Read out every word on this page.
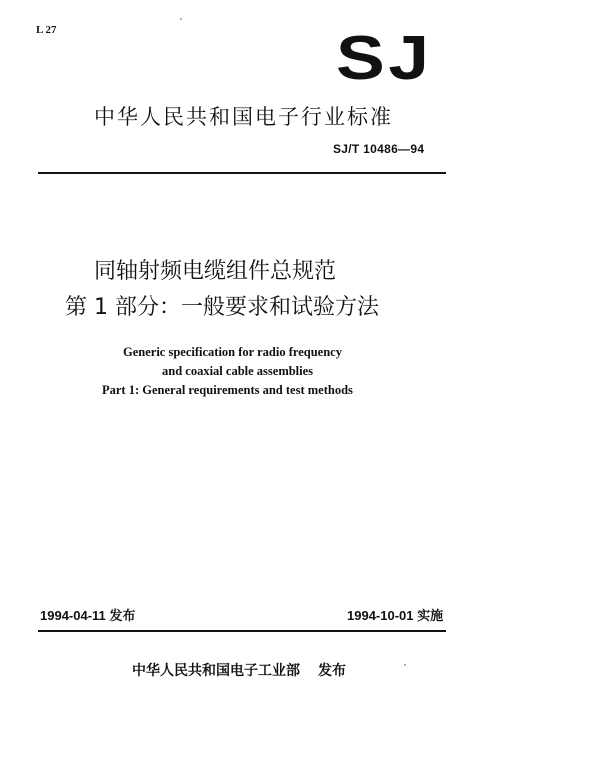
L 27	SJ
中华人民共和国电子行业标准
SJ/T 10486—94
同轴射频电缆组件总规范
第 1 部分：一般要求和试验方法
Generic specification for radio frequency
and coaxial cable assemblies
Part 1: General requirements and test methods
1994-04-11 发布	1994-10-01 实施
中华人民共和国电子工业部 发布
